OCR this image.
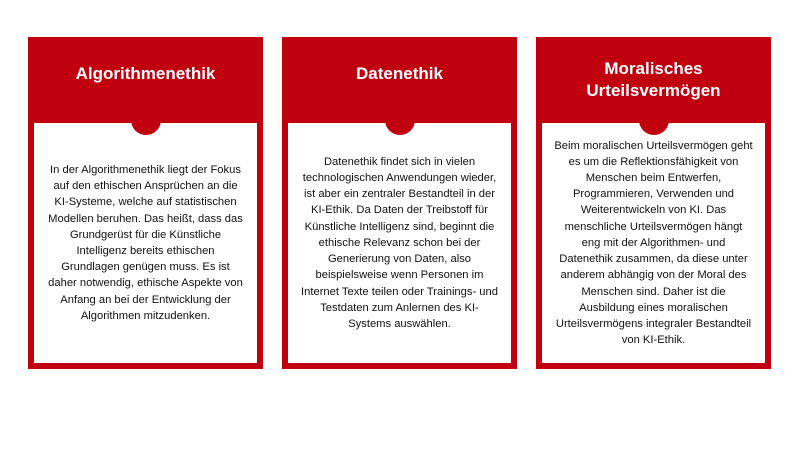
Algorithmenethik

In der Algorithmenethik liegt der Fokus auf den ethischen Ansprüchen an die KI-Systeme, welche auf statistischen Modellen beruhen. Das heißt, dass das Grundgerüst für die Künstliche Intelligenz bereits ethischen Grundlagen genügen muss. Es ist daher notwendig, ethische Aspekte von Anfang an bei der Entwicklung der Algorithmen mitzudenken.

Datenethik

Datenethik findet sich in vielen technologischen Anwendungen wieder, ist aber ein zentraler Bestandteil in der KI-Ethik. Da Daten der Treibstoff für Künstliche Intelligenz sind, beginnt die ethische Relevanz schon bei der Generierung von Daten, also beispielsweise wenn Personen im Internet Texte teilen oder Trainings- und Testdaten zum Anlernen des KI-Systems auswählen.

Moralisches Urteilsvermögen

Beim moralischen Urteilsvermögen geht es um die Reflektionsfähigkeit von Menschen beim Entwerfen, Programmieren, Verwenden und Weiterentwickeln von KI. Das menschliche Urteilsvermögen hängt eng mit der Algorithmen- und Datenethik zusammen, da diese unter anderem abhängig von der Moral des Menschen sind. Daher ist die Ausbildung eines moralischen Urteilsvermögens integraler Bestandteil von KI-Ethik.
